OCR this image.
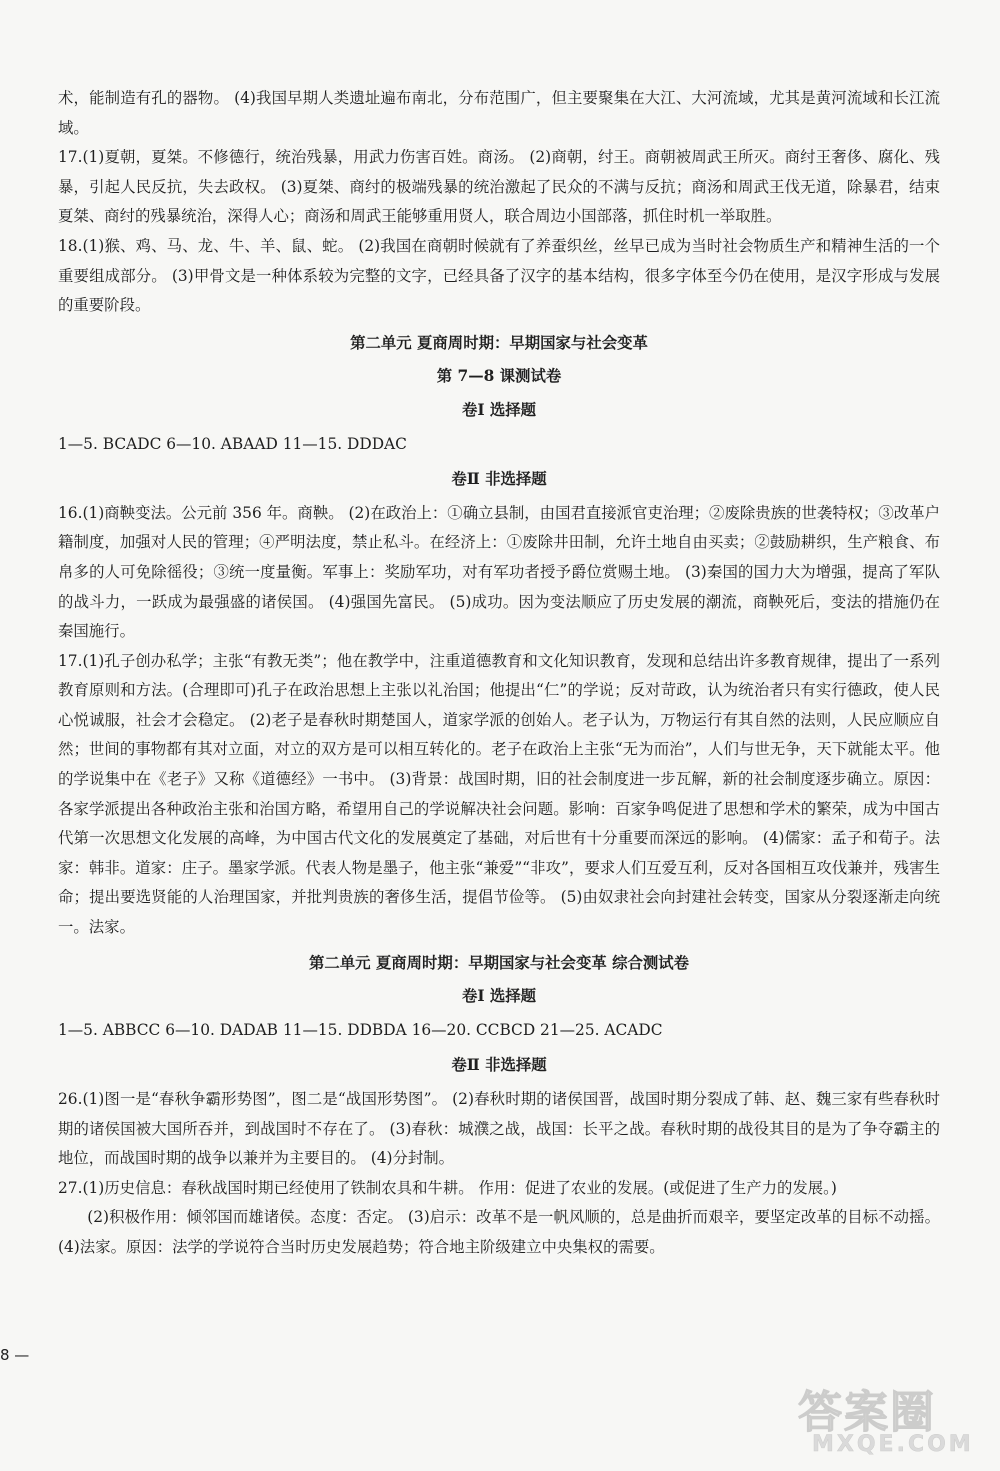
术，能制造有孔的器物。 (4)我国早期人类遗址遍布南北，分布范围广，但主要聚集在大江、大河流域，尤其是黄河流域和长江流域。

17.(1)夏朝，夏桀。不修德行，统治残暴，用武力伤害百姓。商汤。 (2)商朝，纣王。商朝被周武王所灭。商纣王奢侈、腐化、残暴，引起人民反抗，失去政权。 (3)夏桀、商纣的极端残暴的统治激起了民众的不满与反抗；商汤和周武王伐无道，除暴君，结束夏桀、商纣的残暴统治，深得人心；商汤和周武王能够重用贤人，联合周边小国部落，抓住时机一举取胜。

18.(1)猴、鸡、马、龙、牛、羊、鼠、蛇。 (2)我国在商朝时候就有了养蚕织丝，丝早已成为当时社会物质生产和精神生活的一个重要组成部分。 (3)甲骨文是一种体系较为完整的文字，已经具备了汉字的基本结构，很多字体至今仍在使用，是汉字形成与发展的重要阶段。

第二单元 夏商周时期：早期国家与社会变革
第 7—8 课测试卷
卷Ⅰ 选择题
1—5. BCADC 6—10. ABAAD 11—15. DDDAC
卷Ⅱ 非选择题

16.(1)商鞅变法。公元前 356 年。商鞅。 (2)在政治上：①确立县制，由国君直接派官吏治理；②废除贵族的世袭特权；③改革户籍制度，加强对人民的管理；④严明法度，禁止私斗。在经济上：①废除井田制，允许土地自由买卖；②鼓励耕织，生产粮食、布帛多的人可免除徭役；③统一度量衡。军事上：奖励军功，对有军功者授予爵位赏赐土地。 (3)秦国的国力大为增强，提高了军队的战斗力，一跃成为最强盛的诸侯国。 (4)强国先富民。 (5)成功。因为变法顺应了历史发展的潮流，商鞅死后，变法的措施仍在秦国施行。

17.(1)孔子创办私学；主张“有教无类”；他在教学中，注重道德教育和文化知识教育，发现和总结出许多教育规律，提出了一系列教育原则和方法。(合理即可)孔子在政治思想上主张以礼治国；他提出“仁”的学说；反对苛政，认为统治者只有实行德政，使人民心悦诚服，社会才会稳定。 (2)老子是春秋时期楚国人，道家学派的创始人。老子认为，万物运行有其自然的法则，人民应顺应自然；世间的事物都有其对立面，对立的双方是可以相互转化的。老子在政治上主张“无为而治”，人们与世无争，天下就能太平。他的学说集中在《老子》又称《道德经》一书中。 (3)背景：战国时期，旧的社会制度进一步瓦解，新的社会制度逐步确立。原因：各家学派提出各种政治主张和治国方略，希望用自己的学说解决社会问题。影响：百家争鸣促进了思想和学术的繁荣，成为中国古代第一次思想文化发展的高峰，为中国古代文化的发展奠定了基础，对后世有十分重要而深远的影响。 (4)儒家：孟子和荀子。法家：韩非。道家：庄子。墨家学派。代表人物是墨子，他主张“兼爱”“非攻”，要求人们互爱互利，反对各国相互攻伐兼并，残害生命；提出要选贤能的人治理国家，并批判贵族的奢侈生活，提倡节俭等。 (5)由奴隶社会向封建社会转变，国家从分裂逐渐走向统一。法家。

第二单元 夏商周时期：早期国家与社会变革 综合测试卷
卷Ⅰ 选择题
1—5. ABBCC 6—10. DADAB 11—15. DDBDA 16—20. CCBCD 21—25. ACADC
卷Ⅱ 非选择题

26.(1)图一是“春秋争霸形势图”，图二是“战国形势图”。 (2)春秋时期的诸侯国晋，战国时期分裂成了韩、赵、魏三家有些春秋时期的诸侯国被大国所吞并，到战国时不存在了。 (3)春秋：城濮之战，战国：长平之战。春秋时期的战役其目的是为了争夺霸主的地位，而战国时期的战争以兼并为主要目的。 (4)分封制。

27.(1)历史信息：春秋战国时期已经使用了铁制农具和牛耕。 作用：促进了农业的发展。(或促进了生产力的发展。)

(2)积极作用：倾邻国而雄诸侯。态度：否定。 (3)启示：改革不是一帆风顺的，总是曲折而艰辛，要坚定改革的目标不动摇。 (4)法家。原因：法学的学说符合当时历史发展趋势；符合地主阶级建立中央集权的需要。

8 —
答案圈
MXQE.COM
